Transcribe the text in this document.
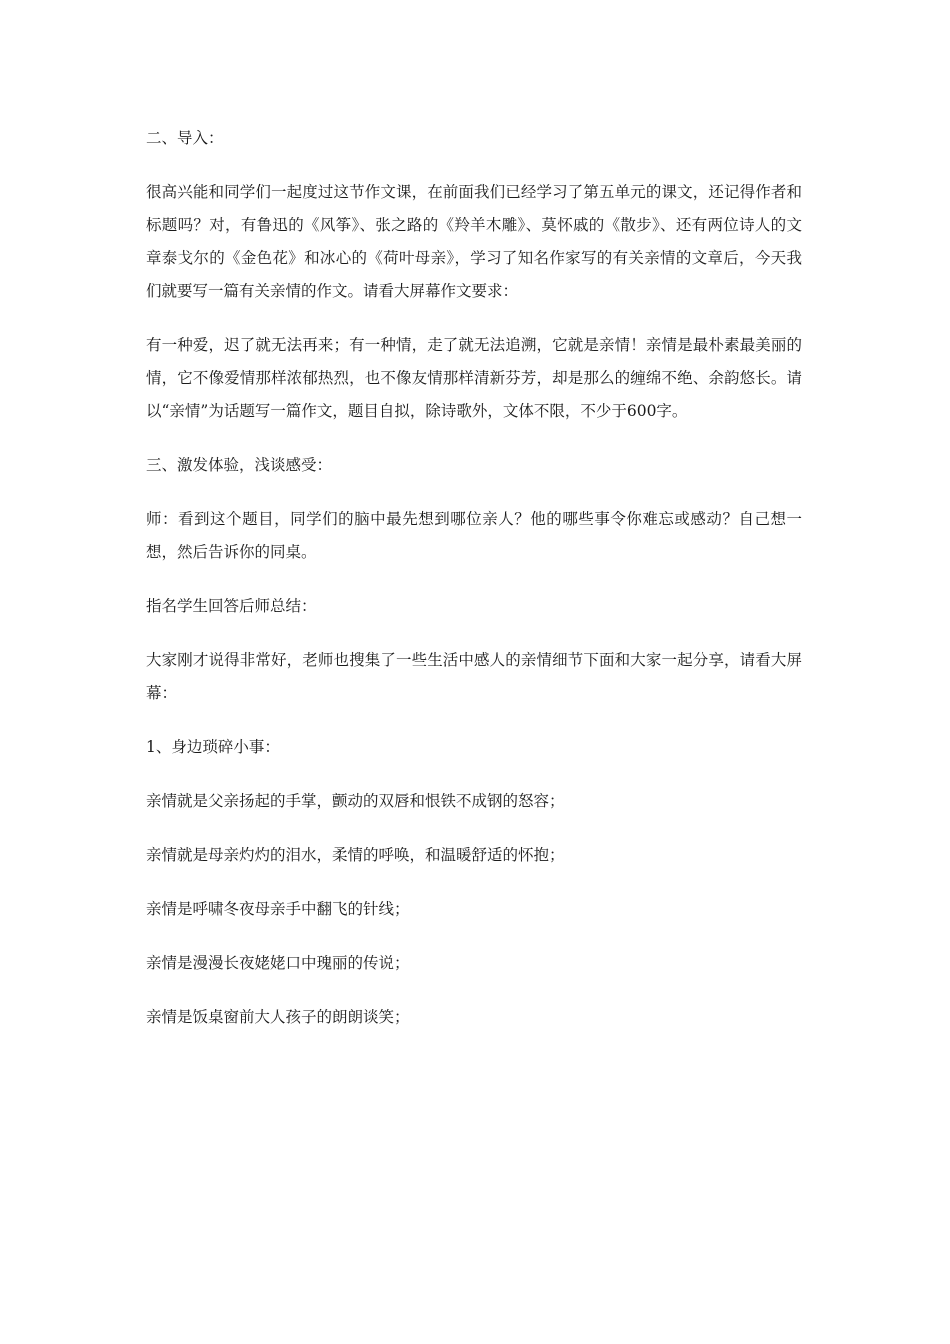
二、导入：

很高兴能和同学们一起度过这节作文课，在前面我们已经学习了第五单元的课文，还记得作者和标题吗？对，有鲁迅的《风筝》、张之路的《羚羊木雕》、莫怀戚的《散步》、还有两位诗人的文章泰戈尔的《金色花》和冰心的《荷叶母亲》，学习了知名作家写的有关亲情的文章后，今天我们就要写一篇有关亲情的作文。请看大屏幕作文要求：

有一种爱，迟了就无法再来；有一种情，走了就无法追溯，它就是亲情！亲情是最朴素最美丽的情，它不像爱情那样浓郁热烈，也不像友情那样清新芬芳，却是那么的缠绵不绝、余韵悠长。请以“亲情”为话题写一篇作文，题目自拟，除诗歌外，文体不限，不少于600字。

三、激发体验，浅谈感受：

师：看到这个题目，同学们的脑中最先想到哪位亲人？他的哪些事令你难忘或感动？自己想一想，然后告诉你的同桌。

指名学生回答后师总结：

大家刚才说得非常好，老师也搜集了一些生活中感人的亲情细节下面和大家一起分享，请看大屏幕：

1、身边琐碎小事：

亲情就是父亲扬起的手掌，颤动的双唇和恨铁不成钢的怒容；

亲情就是母亲灼灼的泪水，柔情的呼唤，和温暖舒适的怀抱；

亲情是呼啸冬夜母亲手中翻飞的针线；

亲情是漫漫长夜姥姥口中瑰丽的传说；

亲情是饭桌窗前大人孩子的朗朗谈笑；
